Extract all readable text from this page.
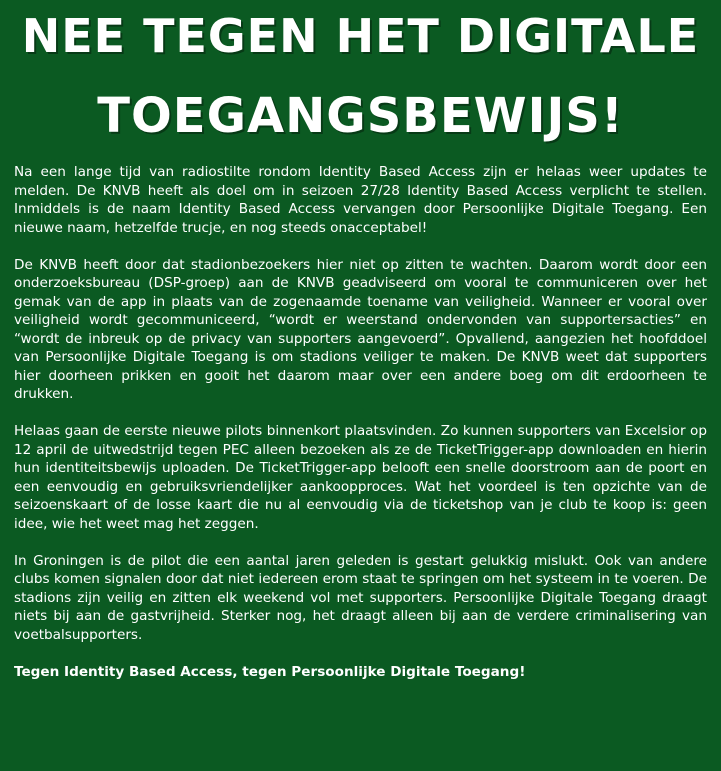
NEE TEGEN HET DIGITALE
TOEGANGSBEWIJS!

Na een lange tijd van radiostilte rondom Identity Based Access zijn er helaas weer updates te melden. De KNVB heeft als doel om in seizoen 27/28 Identity Based Access verplicht te stellen. Inmiddels is de naam Identity Based Access vervangen door Persoonlijke Digitale Toegang. Een nieuwe naam, hetzelfde trucje, en nog steeds onacceptabel!

De KNVB heeft door dat stadionbezoekers hier niet op zitten te wachten. Daarom wordt door een onderzoeksbureau (DSP-groep) aan de KNVB geadviseerd om vooral te communiceren over het gemak van de app in plaats van de zogenaamde toename van veiligheid. Wanneer er vooral over veiligheid wordt gecommuniceerd, “wordt er weerstand ondervonden van supportersacties” en “wordt de inbreuk op de privacy van supporters aangevoerd”. Opvallend, aangezien het hoofddoel van Persoonlijke Digitale Toegang is om stadions veiliger te maken. De KNVB weet dat supporters hier doorheen prikken en gooit het daarom maar over een andere boeg om dit erdoorheen te drukken.

Helaas gaan de eerste nieuwe pilots binnenkort plaatsvinden. Zo kunnen supporters van Excelsior op 12 april de uitwedstrijd tegen PEC alleen bezoeken als ze de TicketTrigger-app downloaden en hierin hun identiteitsbewijs uploaden. De TicketTrigger-app belooft een snelle doorstroom aan de poort en een eenvoudig en gebruiksvriendelijker aankoopproces. Wat het voordeel is ten opzichte van de seizoenskaart of de losse kaart die nu al eenvoudig via de ticketshop van je club te koop is: geen idee, wie het weet mag het zeggen.

In Groningen is de pilot die een aantal jaren geleden is gestart gelukkig mislukt. Ook van andere clubs komen signalen door dat niet iedereen erom staat te springen om het systeem in te voeren. De stadions zijn veilig en zitten elk weekend vol met supporters. Persoonlijke Digitale Toegang draagt niets bij aan de gastvrijheid. Sterker nog, het draagt alleen bij aan de verdere criminalisering van voetbalsupporters.

Tegen Identity Based Access, tegen Persoonlijke Digitale Toegang!
